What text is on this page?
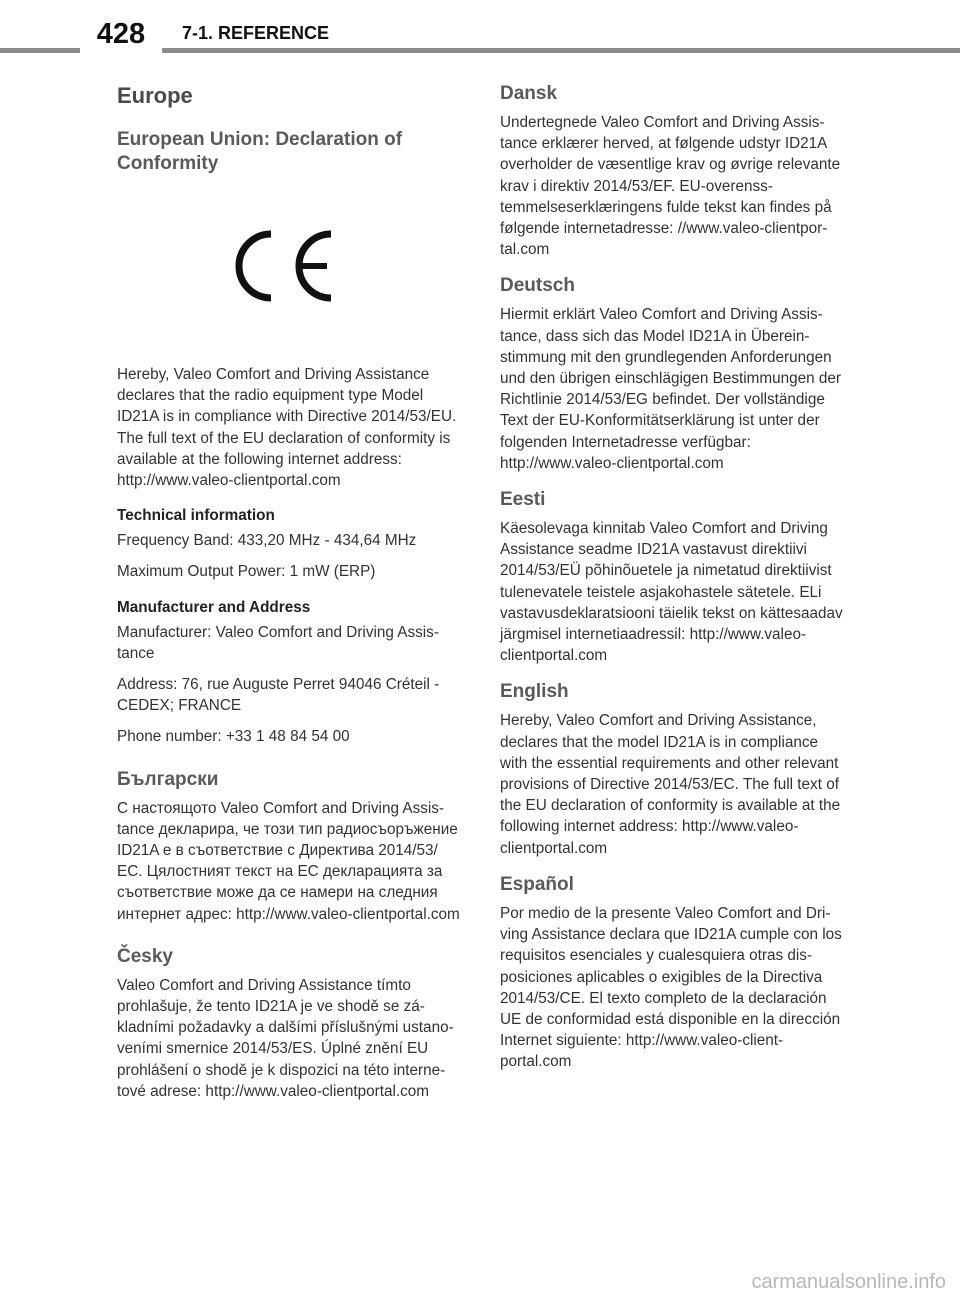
428	7-1. REFERENCE
Europe
European Union: Declaration of Conformity

Hereby, Valeo Comfort and Driving Assistance declares that the radio equipment type Model ID21A is in compliance with Directive 2014/53/EU. The full text of the EU declaration of conformity is available at the following internet address: http://www.valeo-clientportal.com

Technical information

Frequency Band: 433,20 MHz - 434,64 MHz

Maximum Output Power: 1 mW (ERP)

Manufacturer and Address

Manufacturer: Valeo Comfort and Driving Assistance

Address: 76, rue Auguste Perret 94046 Créteil - CEDEX; FRANCE

Phone number: +33 1 48 84 54 00

Български

С настоящото Valeo Comfort and Driving Assistance декларира, че този тип радиосъоръжение ID21A е в съответствие с Директива 2014/53/ЕС. Цялостният текст на ЕС декларацията за съответствие може да се намери на следния интернет адрес: http://www.valeo-clientportal.com

Česky

Valeo Comfort and Driving Assistance tímto prohlašuje, že tento ID21A je ve shodě se základními požadavky a dalšími příslušnými ustanoveními smernice 2014/53/ES. Úplné znění EU prohlášení o shodě je k dispozici na této internetové adrese: http://www.valeo-clientportal.com

Dansk

Undertegnede Valeo Comfort and Driving Assistance erklærer herved, at følgende udstyr ID21A overholder de væsentlige krav og øvrige relevante krav i direktiv 2014/53/EF. EU-overensstemmelseserklæringens fulde tekst kan findes på følgende internetadresse: //www.valeo-clientportal.com

Deutsch

Hiermit erklärt Valeo Comfort and Driving Assistance, dass sich das Model ID21A in Übereinstimmung mit den grundlegenden Anforderungen und den übrigen einschlägigen Bestimmungen der Richtlinie 2014/53/EG befindet. Der vollständige Text der EU-Konformitätserklärung ist unter der folgenden Internetadresse verfügbar: http://www.valeo-clientportal.com

Eesti

Käesolevaga kinnitab Valeo Comfort and Driving Assistance seadme ID21A vastavust direktiivi 2014/53/EÜ põhinõuetele ja nimetatud direktiivist tulenevatele teistele asjakohastele sätetele. ELi vastavusdeklaratsiooni täielik tekst on kättesaadav järgmisel internetiaadressil: http://www.valeo-clientportal.com

English

Hereby, Valeo Comfort and Driving Assistance, declares that the model ID21A is in compliance with the essential requirements and other relevant provisions of Directive 2014/53/EC. The full text of the EU declaration of conformity is available at the following internet address: http://www.valeo-clientportal.com

Español

Por medio de la presente Valeo Comfort and Driving Assistance declara que ID21A cumple con los requisitos esenciales y cualesquiera otras disposiciones aplicables o exigibles de la Directiva 2014/53/CE. El texto completo de la declaración UE de conformidad está disponible en la dirección Internet siguiente: http://www.valeo-clientportal.com

carmanualsonline.info
